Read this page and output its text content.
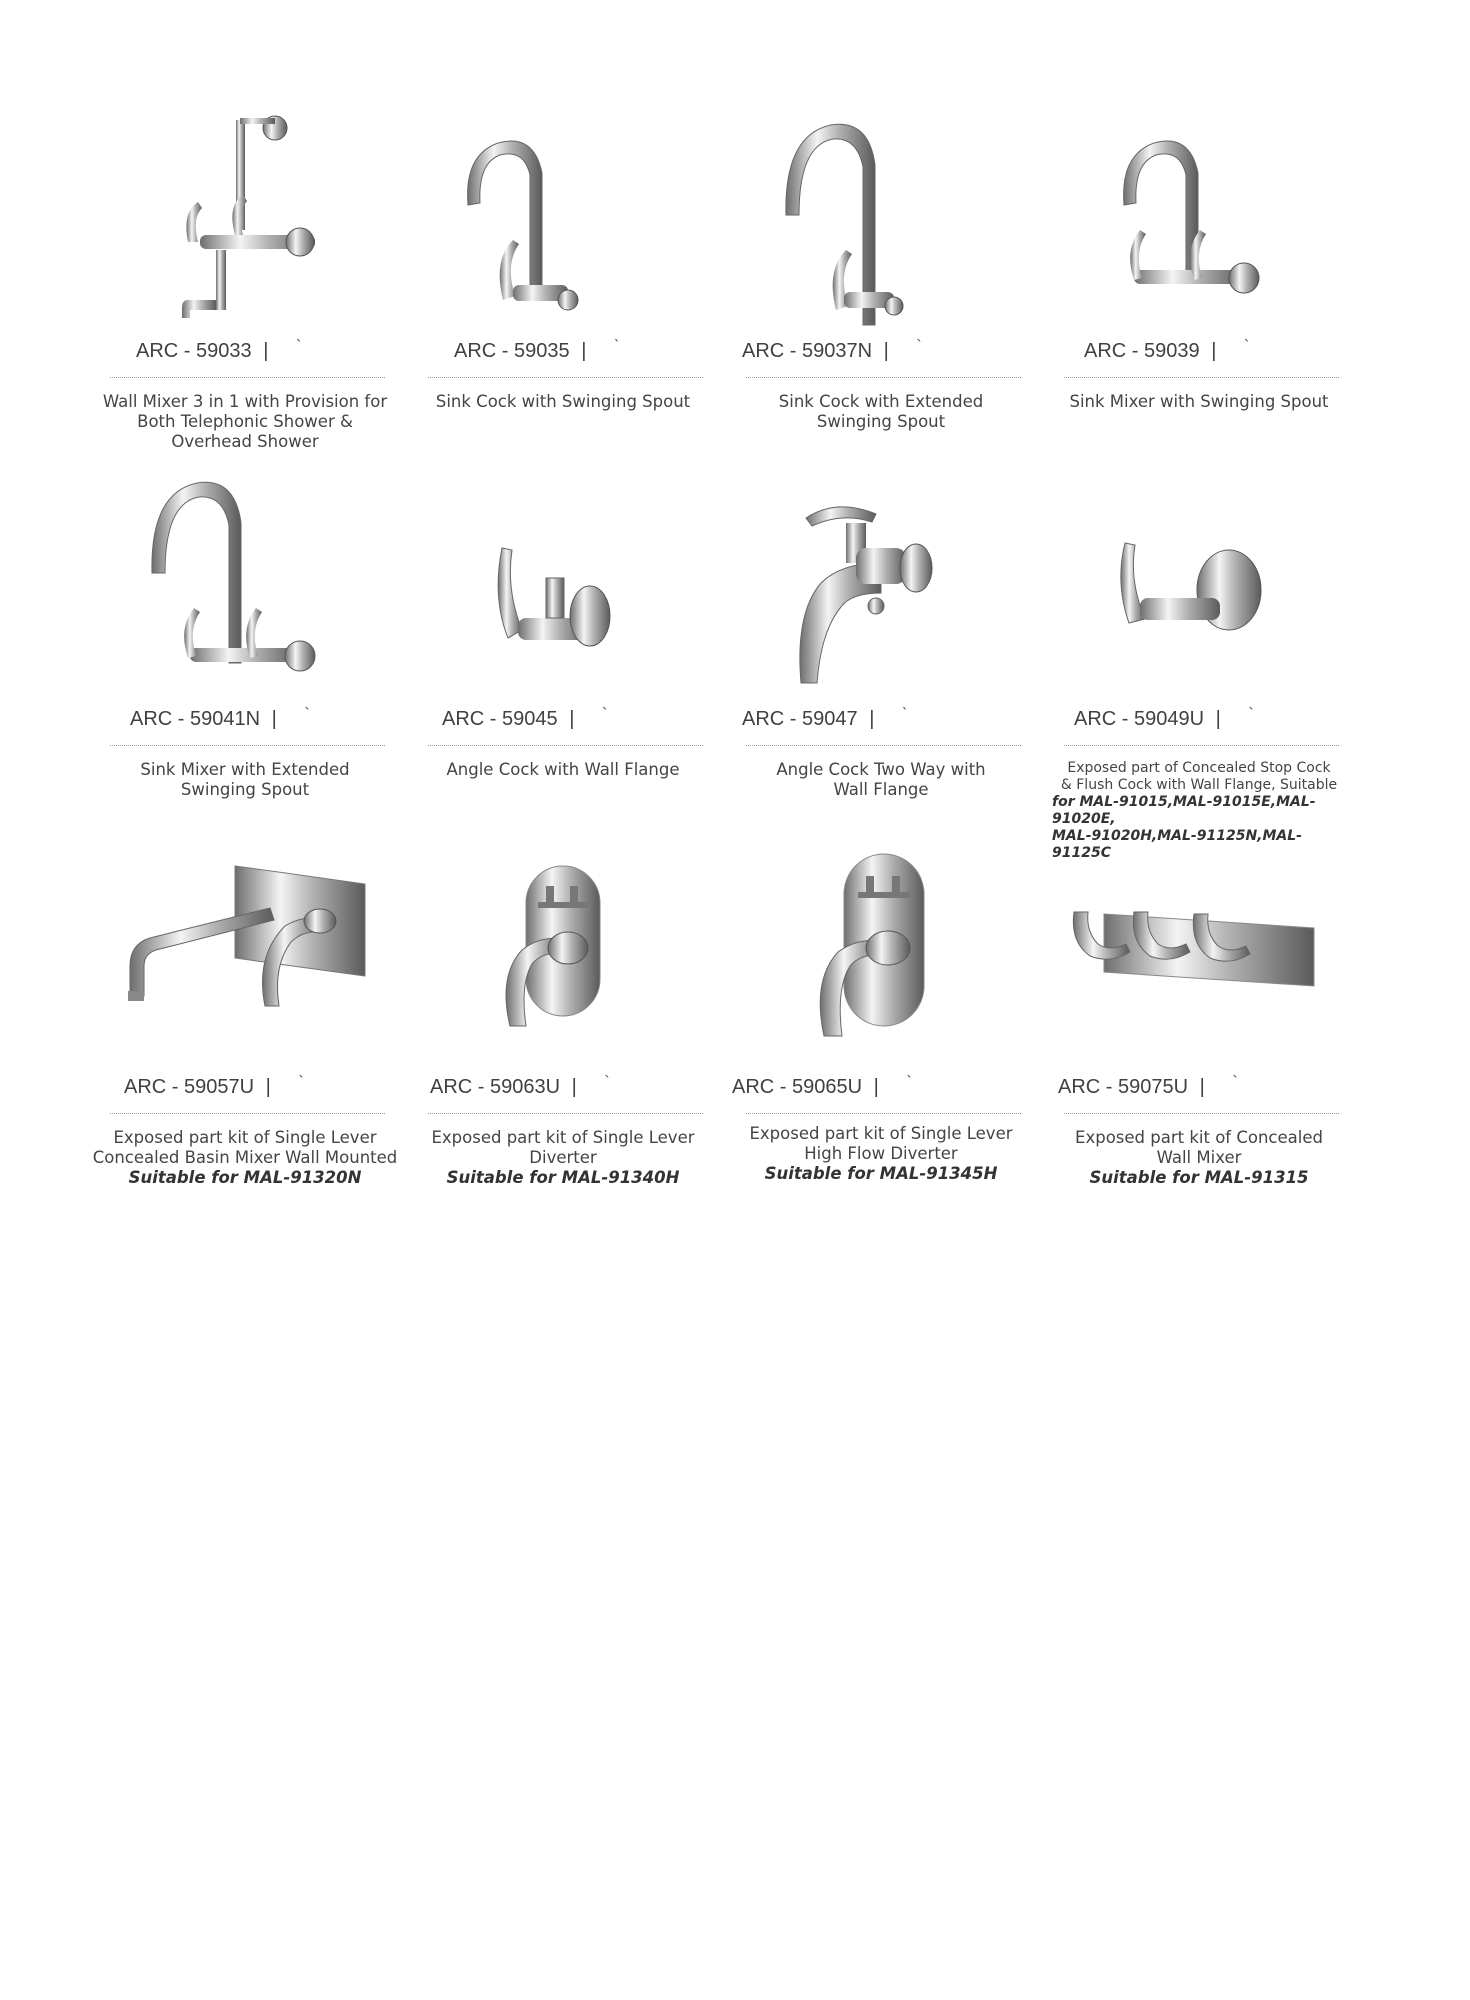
ARC - 59033 | `
Wall Mixer 3 in 1 with Provision for
Both Telephonic Shower &
Overhead Shower
ARC - 59035 | `
Sink Cock with Swinging Spout
ARC - 59037N | `
Sink Cock with Extended
Swinging Spout
ARC - 59039 | `
Sink Mixer with Swinging Spout
ARC - 59041N | `
Sink Mixer with Extended
Swinging Spout
ARC - 59045 | `
Angle Cock with Wall Flange
ARC - 59047 | `
Angle Cock Two Way with
Wall Flange
ARC - 59049U | `
Exposed part of Concealed Stop Cock
& Flush Cock with Wall Flange, Suitable
for MAL-91015,MAL-91015E,MAL-91020E,
MAL-91020H,MAL-91125N,MAL-91125C
ARC - 59057U | `
Exposed part kit of Single Lever
Concealed Basin Mixer Wall Mounted
Suitable for MAL-91320N
ARC - 59063U | `
Exposed part kit of Single Lever
Diverter
Suitable for MAL-91340H
ARC - 59065U | `
Exposed part kit of Single Lever
High Flow Diverter
Suitable for MAL-91345H
ARC - 59075U | `
Exposed part kit of Concealed
Wall Mixer
Suitable for MAL-91315
